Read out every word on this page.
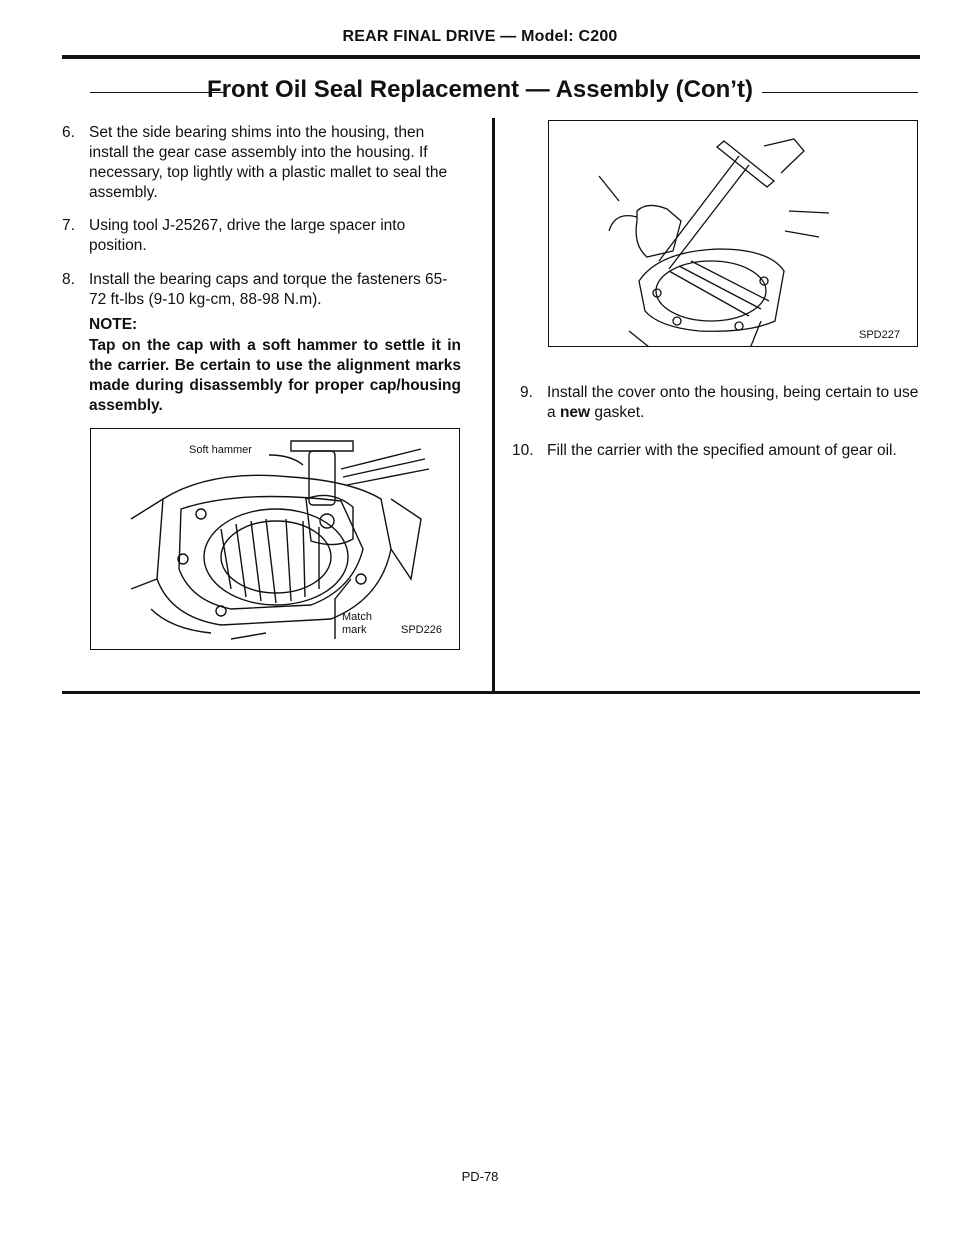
REAR FINAL DRIVE — Model: C200
Front Oil Seal Replacement — Assembly (Con’t)
6. Set the side bearing shims into the housing, then install the gear case assembly into the housing. If necessary, top lightly with a plastic mallet to seal the assembly.
7. Using tool J-25267, drive the large spacer into position.
8. Install the bearing caps and torque the fasteners 65-72 ft-lbs (9-10 kg-cm, 88-98 N.m).
NOTE:
Tap on the cap with a soft hammer to settle it in the carrier. Be certain to use the alignment marks made during disassembly for proper cap/housing assembly.
Soft hammer
Match
mark	SPD226
SPD227
9. Install the cover onto the housing, being certain to use a new gasket.
10. Fill the carrier with the specified amount of gear oil.
PD-78
